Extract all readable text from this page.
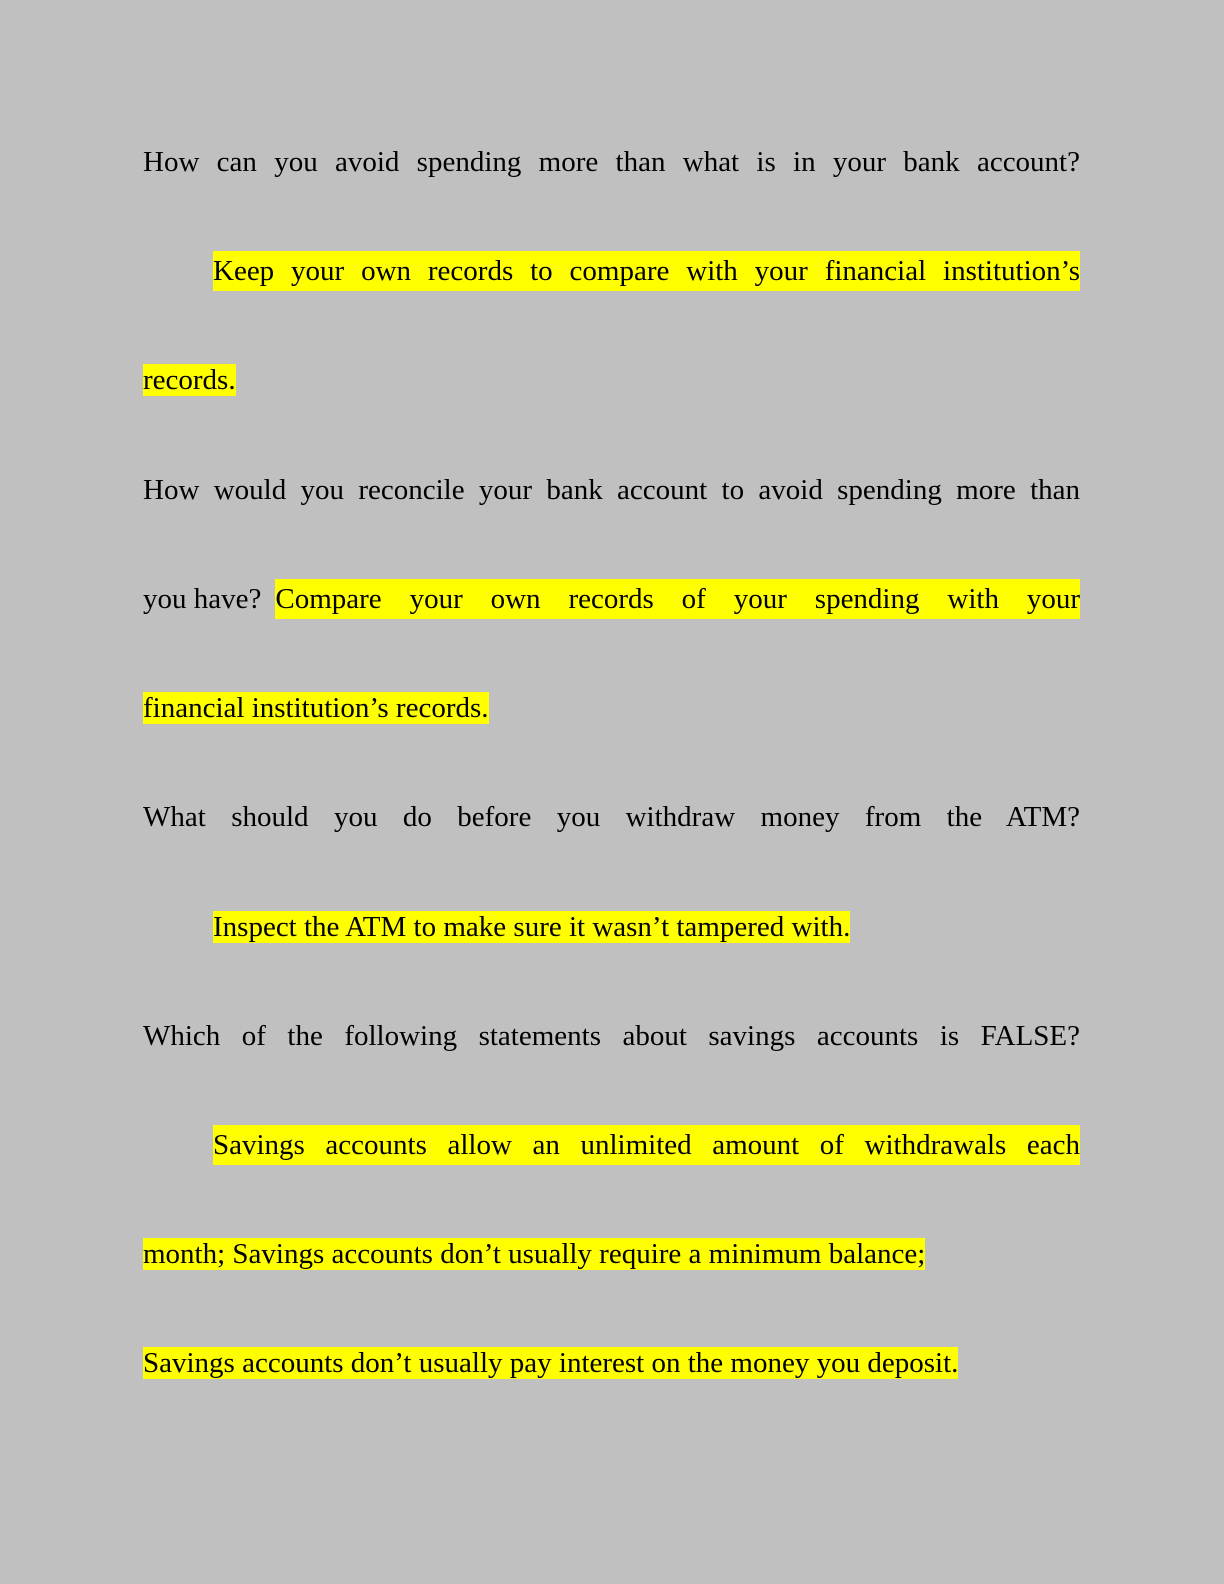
How can you avoid spending more than what is in your bank account?

Keep your own records to compare with your financial institution’s

records.

How would you reconcile your bank account to avoid spending more than

you have? Compare your own records of your spending with your

financial institution’s records.

What should you do before you withdraw money from the ATM?

Inspect the ATM to make sure it wasn’t tampered with.

Which of the following statements about savings accounts is FALSE?

Savings accounts allow an unlimited amount of withdrawals each

month; Savings accounts don’t usually require a minimum balance;

Savings accounts don’t usually pay interest on the money you deposit.
